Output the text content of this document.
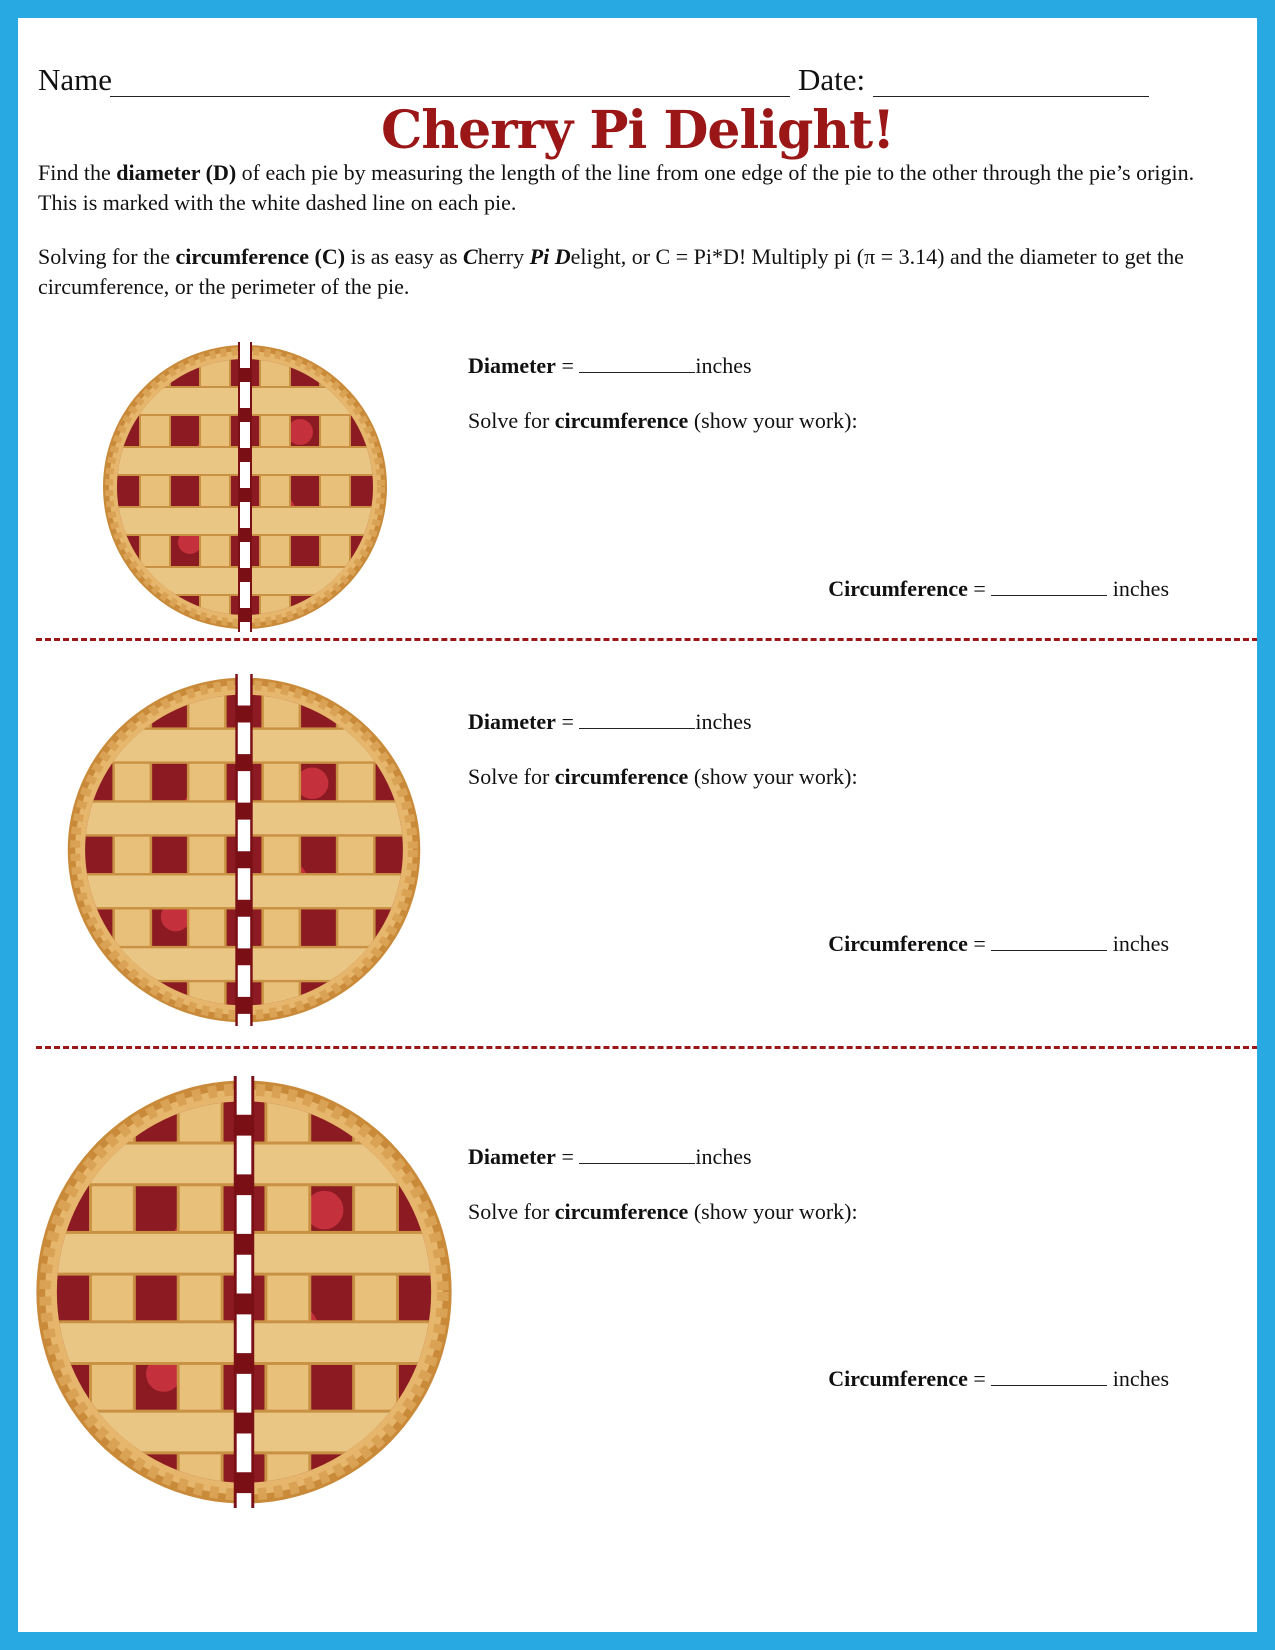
Name	Date:
Cherry Pi Delight!
Find the diameter (D) of each pie by measuring the length of the line from one edge of the pie to the other through the pie’s origin. This is marked with the white dashed line on each pie.
Solving for the circumference (C) is as easy as Cherry Pi Delight, or C = Pi*D! Multiply pi (π = 3.14) and the diameter to get the circumference, or the perimeter of the pie.
Diameter =	inches
Solve for circumference (show your work):
Circumference =	inches
Diameter =	inches
Solve for circumference (show your work):
Circumference =	inches
Diameter =	inches
Solve for circumference (show your work):
Circumference =	inches
